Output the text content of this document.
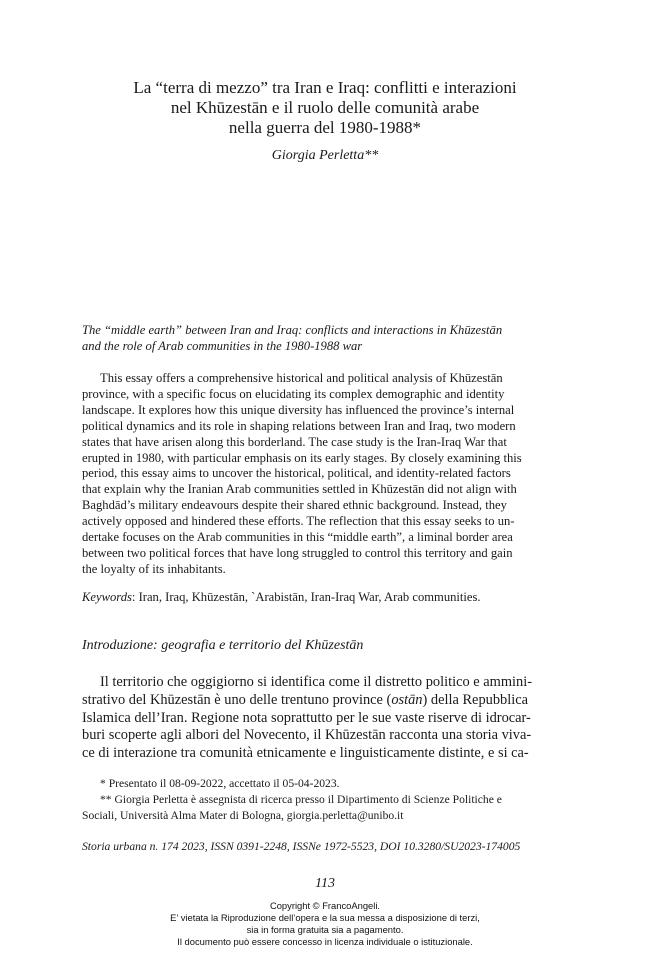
La “terra di mezzo” tra Iran e Iraq: conflitti e interazioni
nel Khūzestān e il ruolo delle comunità arabe
nella guerra del 1980-1988*

Giorgia Perletta**

The “middle earth” between Iran and Iraq: conflicts and interactions in Khūzestān
and the role of Arab communities in the 1980-1988 war
This essay offers a comprehensive historical and political analysis of Khūzestān
province, with a specific focus on elucidating its complex demographic and identity
landscape. It explores how this unique diversity has influenced the province’s internal
political dynamics and its role in shaping relations between Iran and Iraq, two modern
states that have arisen along this borderland. The case study is the Iran-Iraq War that
erupted in 1980, with particular emphasis on its early stages. By closely examining this
period, this essay aims to uncover the historical, political, and identity-related factors
that explain why the Iranian Arab communities settled in Khūzestān did not align with
Baghdād’s military endeavours despite their shared ethnic background. Instead, they
actively opposed and hindered these efforts. The reflection that this essay seeks to un-
dertake focuses on the Arab communities in this “middle earth”, a liminal border area
between two political forces that have long struggled to control this territory and gain
the loyalty of its inhabitants.

Keywords: Iran, Iraq, Khūzestān, `Arabistān, Iran-Iraq War, Arab communities.

Introduzione: geografia e territorio del Khūzestān
Il territorio che oggigiorno si identifica come il distretto politico e ammini-
strativo del Khūzestān è uno delle trentuno province (ostān) della Repubblica
Islamica dell’Iran. Regione nota soprattutto per le sue vaste riserve di idrocar-
buri scoperte agli albori del Novecento, il Khūzestān racconta una storia viva-
ce di interazione tra comunità etnicamente e linguisticamente distinte, e si ca-
* Presentato il 08-09-2022, accettato il 05-04-2023.
** Giorgia Perletta è assegnista di ricerca presso il Dipartimento di Scienze Politiche e
Sociali, Università Alma Mater di Bologna, giorgia.perletta@unibo.it

Storia urbana n. 174 2023, ISSN 0391-2248, ISSNe 1972-5523, DOI 10.3280/SU2023-174005

113

Copyright © FrancoAngeli.
E’ vietata la Riproduzione dell’opera e la sua messa a disposizione di terzi,
sia in forma gratuita sia a pagamento.
Il documento può essere concesso in licenza individuale o istituzionale.
